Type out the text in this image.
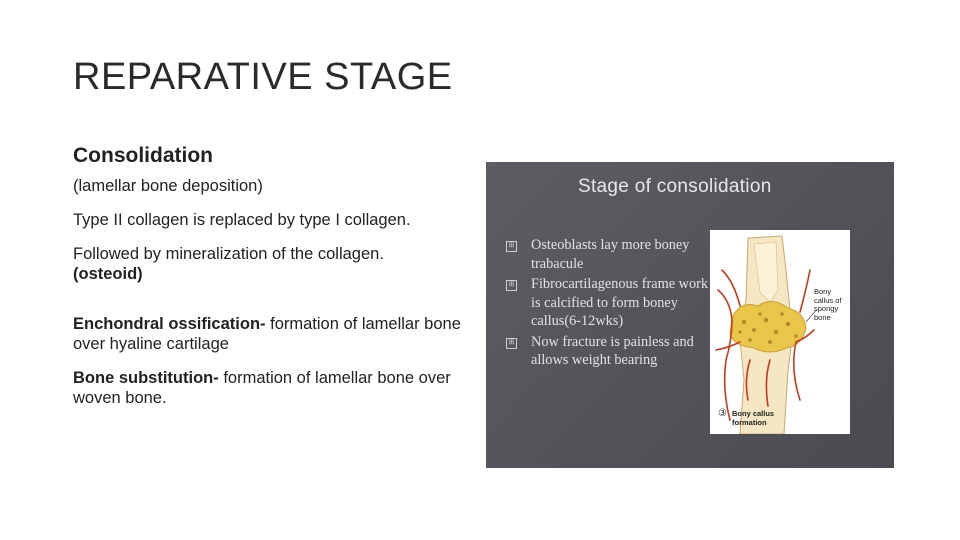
REPARATIVE STAGE
Consolidation

(lamellar bone deposition)

Type II collagen is replaced by type I collagen.

Followed by mineralization of the collagen.
(osteoid)

Enchondral ossification- formation of lamellar bone over hyaline cartilage

Bone substitution- formation of lamellar bone over woven bone.

Stage of consolidation
⊞ Osteoblasts lay more boney trabacule
⊞ Fibrocartilagenous frame work is calcified to form boney callus(6-12wks)
⊞ Now fracture is painless and allows weight bearing
Bony callus of spongy bone
③ Bony callus formation
